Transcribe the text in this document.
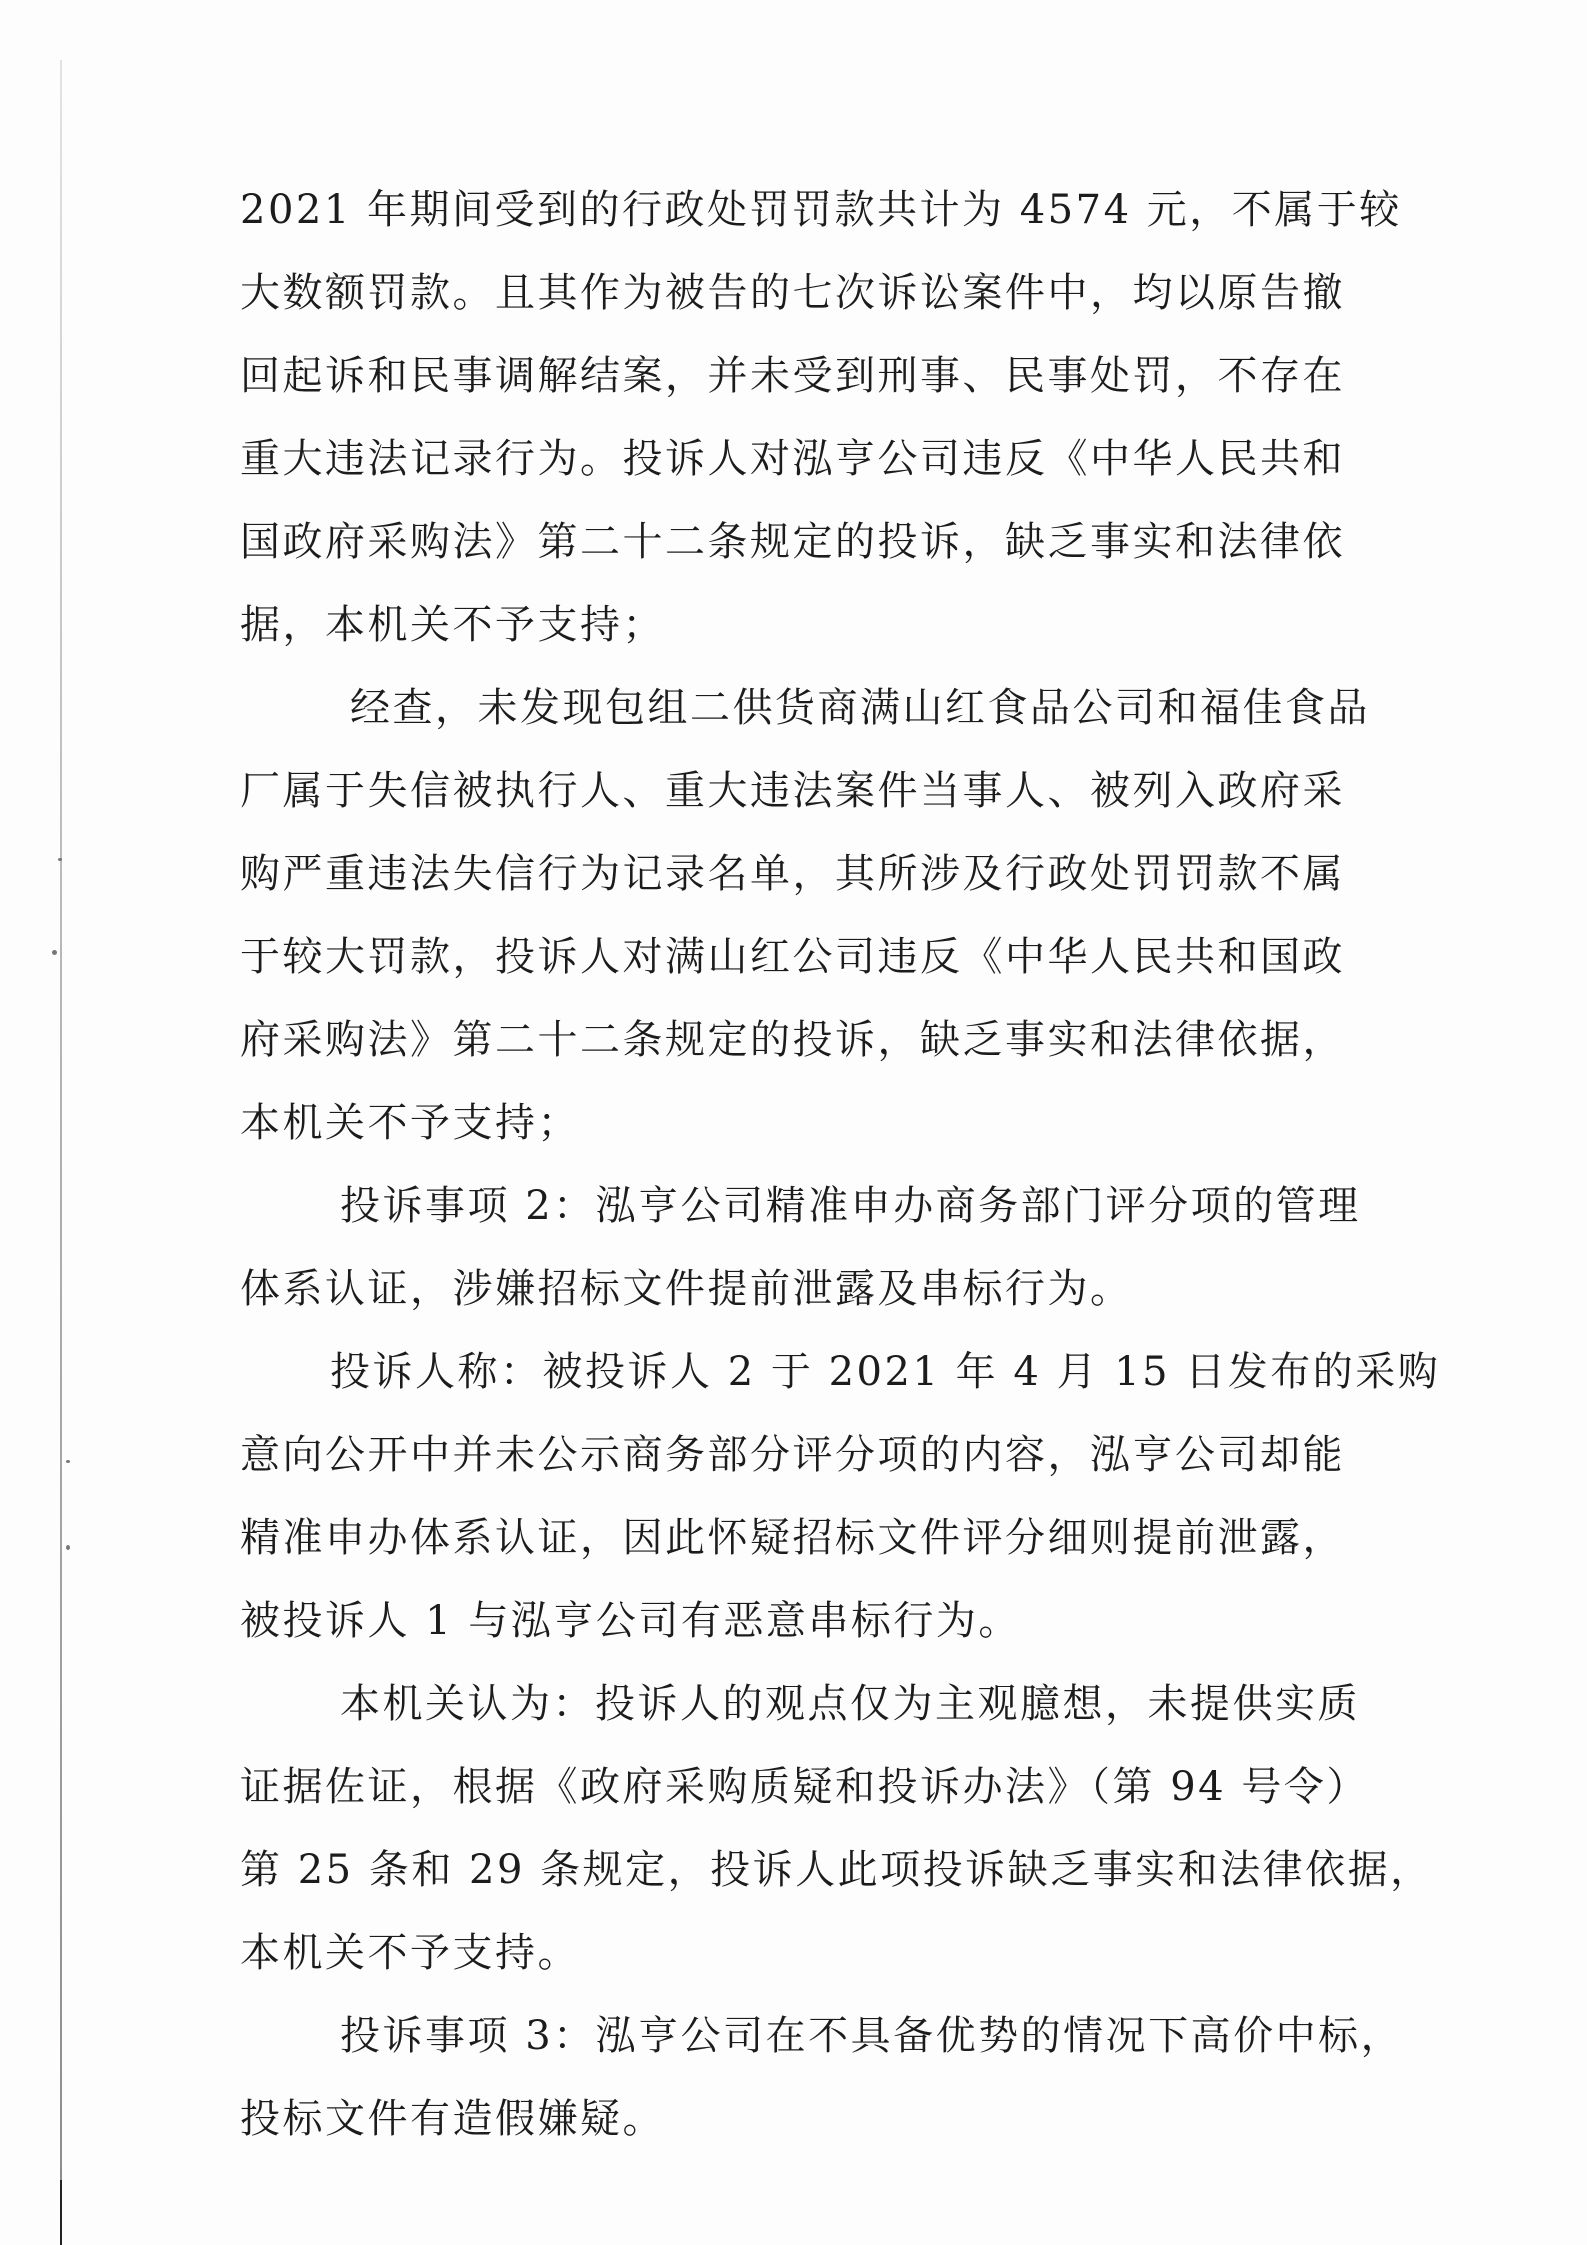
2021 年期间受到的行政处罚罚款共计为 4574 元，不属于较
大数额罚款。且其作为被告的七次诉讼案件中，均以原告撤
回起诉和民事调解结案，并未受到刑事、民事处罚，不存在
重大违法记录行为。投诉人对泓亨公司违反《中华人民共和
国政府采购法》第二十二条规定的投诉，缺乏事实和法律依
据，本机关不予支持；
经查，未发现包组二供货商满山红食品公司和福佳食品
厂属于失信被执行人、重大违法案件当事人、被列入政府采
购严重违法失信行为记录名单，其所涉及行政处罚罚款不属
于较大罚款，投诉人对满山红公司违反《中华人民共和国政
府采购法》第二十二条规定的投诉，缺乏事实和法律依据，
本机关不予支持；
投诉事项 2：泓亨公司精准申办商务部门评分项的管理
体系认证，涉嫌招标文件提前泄露及串标行为。
投诉人称：被投诉人 2 于 2021 年 4 月 15 日发布的采购
意向公开中并未公示商务部分评分项的内容，泓亨公司却能
精准申办体系认证，因此怀疑招标文件评分细则提前泄露，
被投诉人 1 与泓亨公司有恶意串标行为。
本机关认为：投诉人的观点仅为主观臆想，未提供实质
证据佐证，根据《政府采购质疑和投诉办法》（第 94 号令）
第 25 条和 29 条规定，投诉人此项投诉缺乏事实和法律依据，
本机关不予支持。
投诉事项 3：泓亨公司在不具备优势的情况下高价中标，
投标文件有造假嫌疑。
